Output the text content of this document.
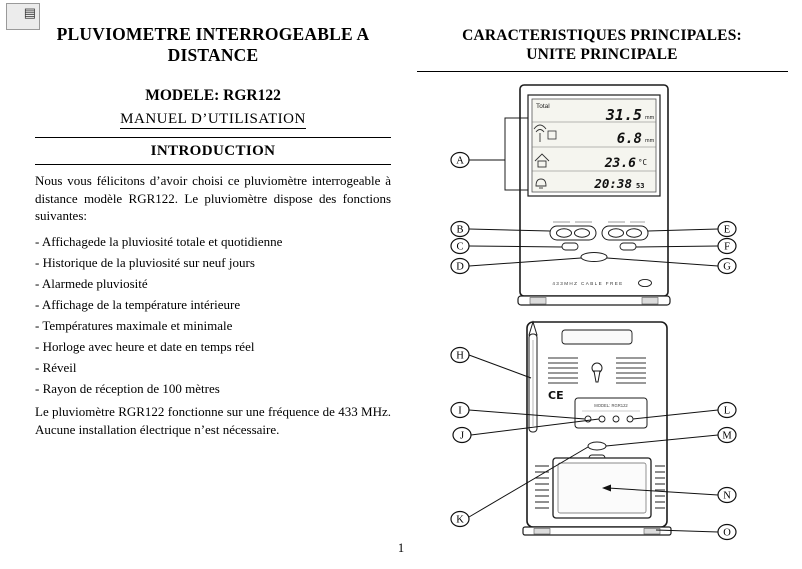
▤
PLUVIOMETRE INTERROGEABLE A
DISTANCE
MODELE: RGR122
MANUEL D’UTILISATION
INTRODUCTION
Nous vous félicitons d’avoir choisi ce pluviomètre interrogeable à distance modèle RGR122. Le pluviomètre dispose des fonctions suivantes:
- Affichagede la pluviosité totale et quotidienne
- Historique de la pluviosité sur neuf jours
- Alarmede pluviosité
- Affichage de la température intérieure
- Températures maximale et minimale
- Horloge avec heure et date en temps réel
- Réveil
- Rayon de réception de 100 mètres
Le pluviomètre RGR122 fonctionne sur une fréquence de 433 MHz. Aucune installation électrique n’est nécessaire.
CARACTERISTIQUES PRINCIPALES:
UNITE PRINCIPALE
Total	31.5 mm
6.8 mm
23.6 °C
20:38 53
433MHZ CABLE FREE
CE
MODEL: RGR122
A
B
C
D
E
F
G
H
I
J
K
L
M
N
O
1
